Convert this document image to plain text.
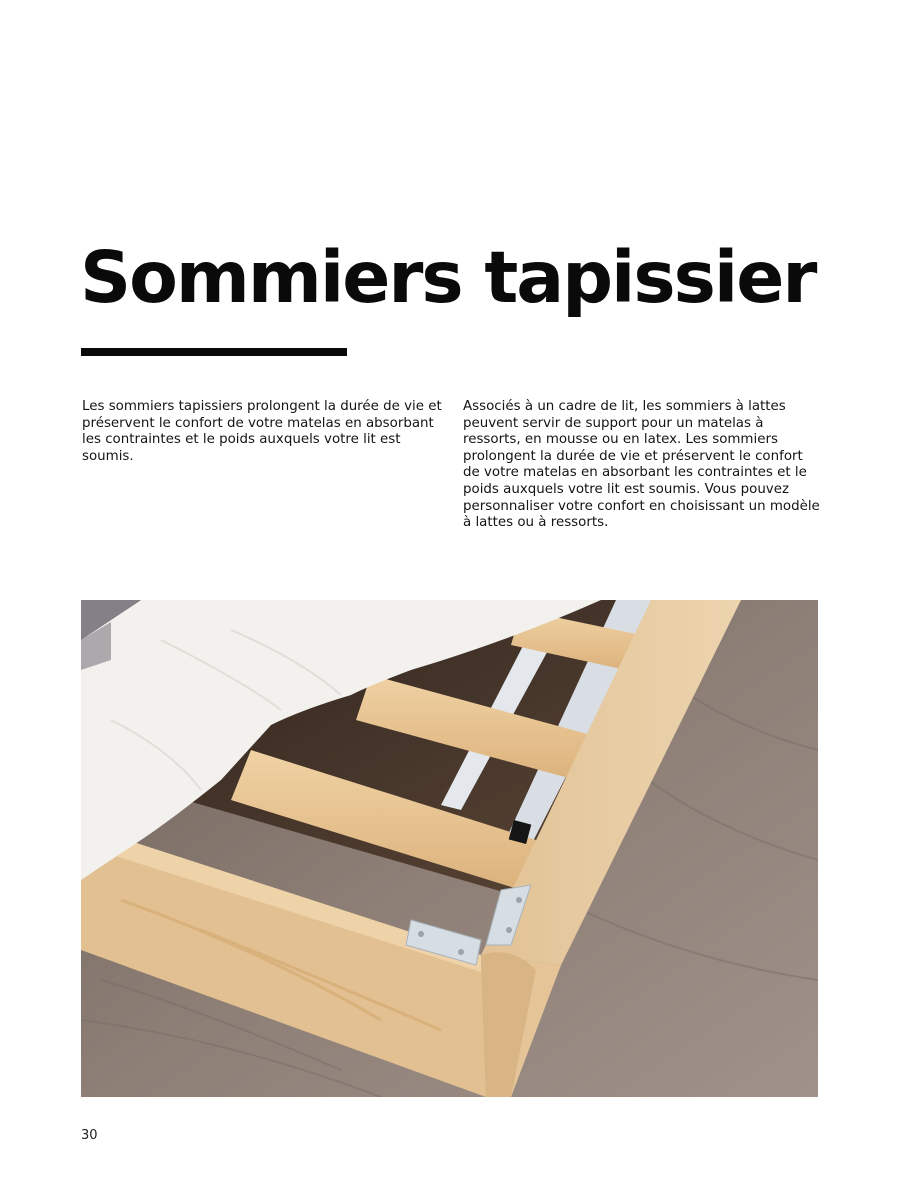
Sommiers tapissier

Les sommiers tapissiers prolongent la durée de vie et préservent le confort de votre matelas en absorbant les contraintes et le poids auxquels votre lit est soumis.

Associés à un cadre de lit, les sommiers à lattes peuvent servir de support pour un matelas à ressorts, en mousse ou en latex. Les sommiers prolongent la durée de vie et préservent le confort de votre matelas en absorbant les contraintes et le poids auxquels votre lit est soumis. Vous pouvez personnaliser votre confort en choisissant un modèle à lattes ou à ressorts.

30
